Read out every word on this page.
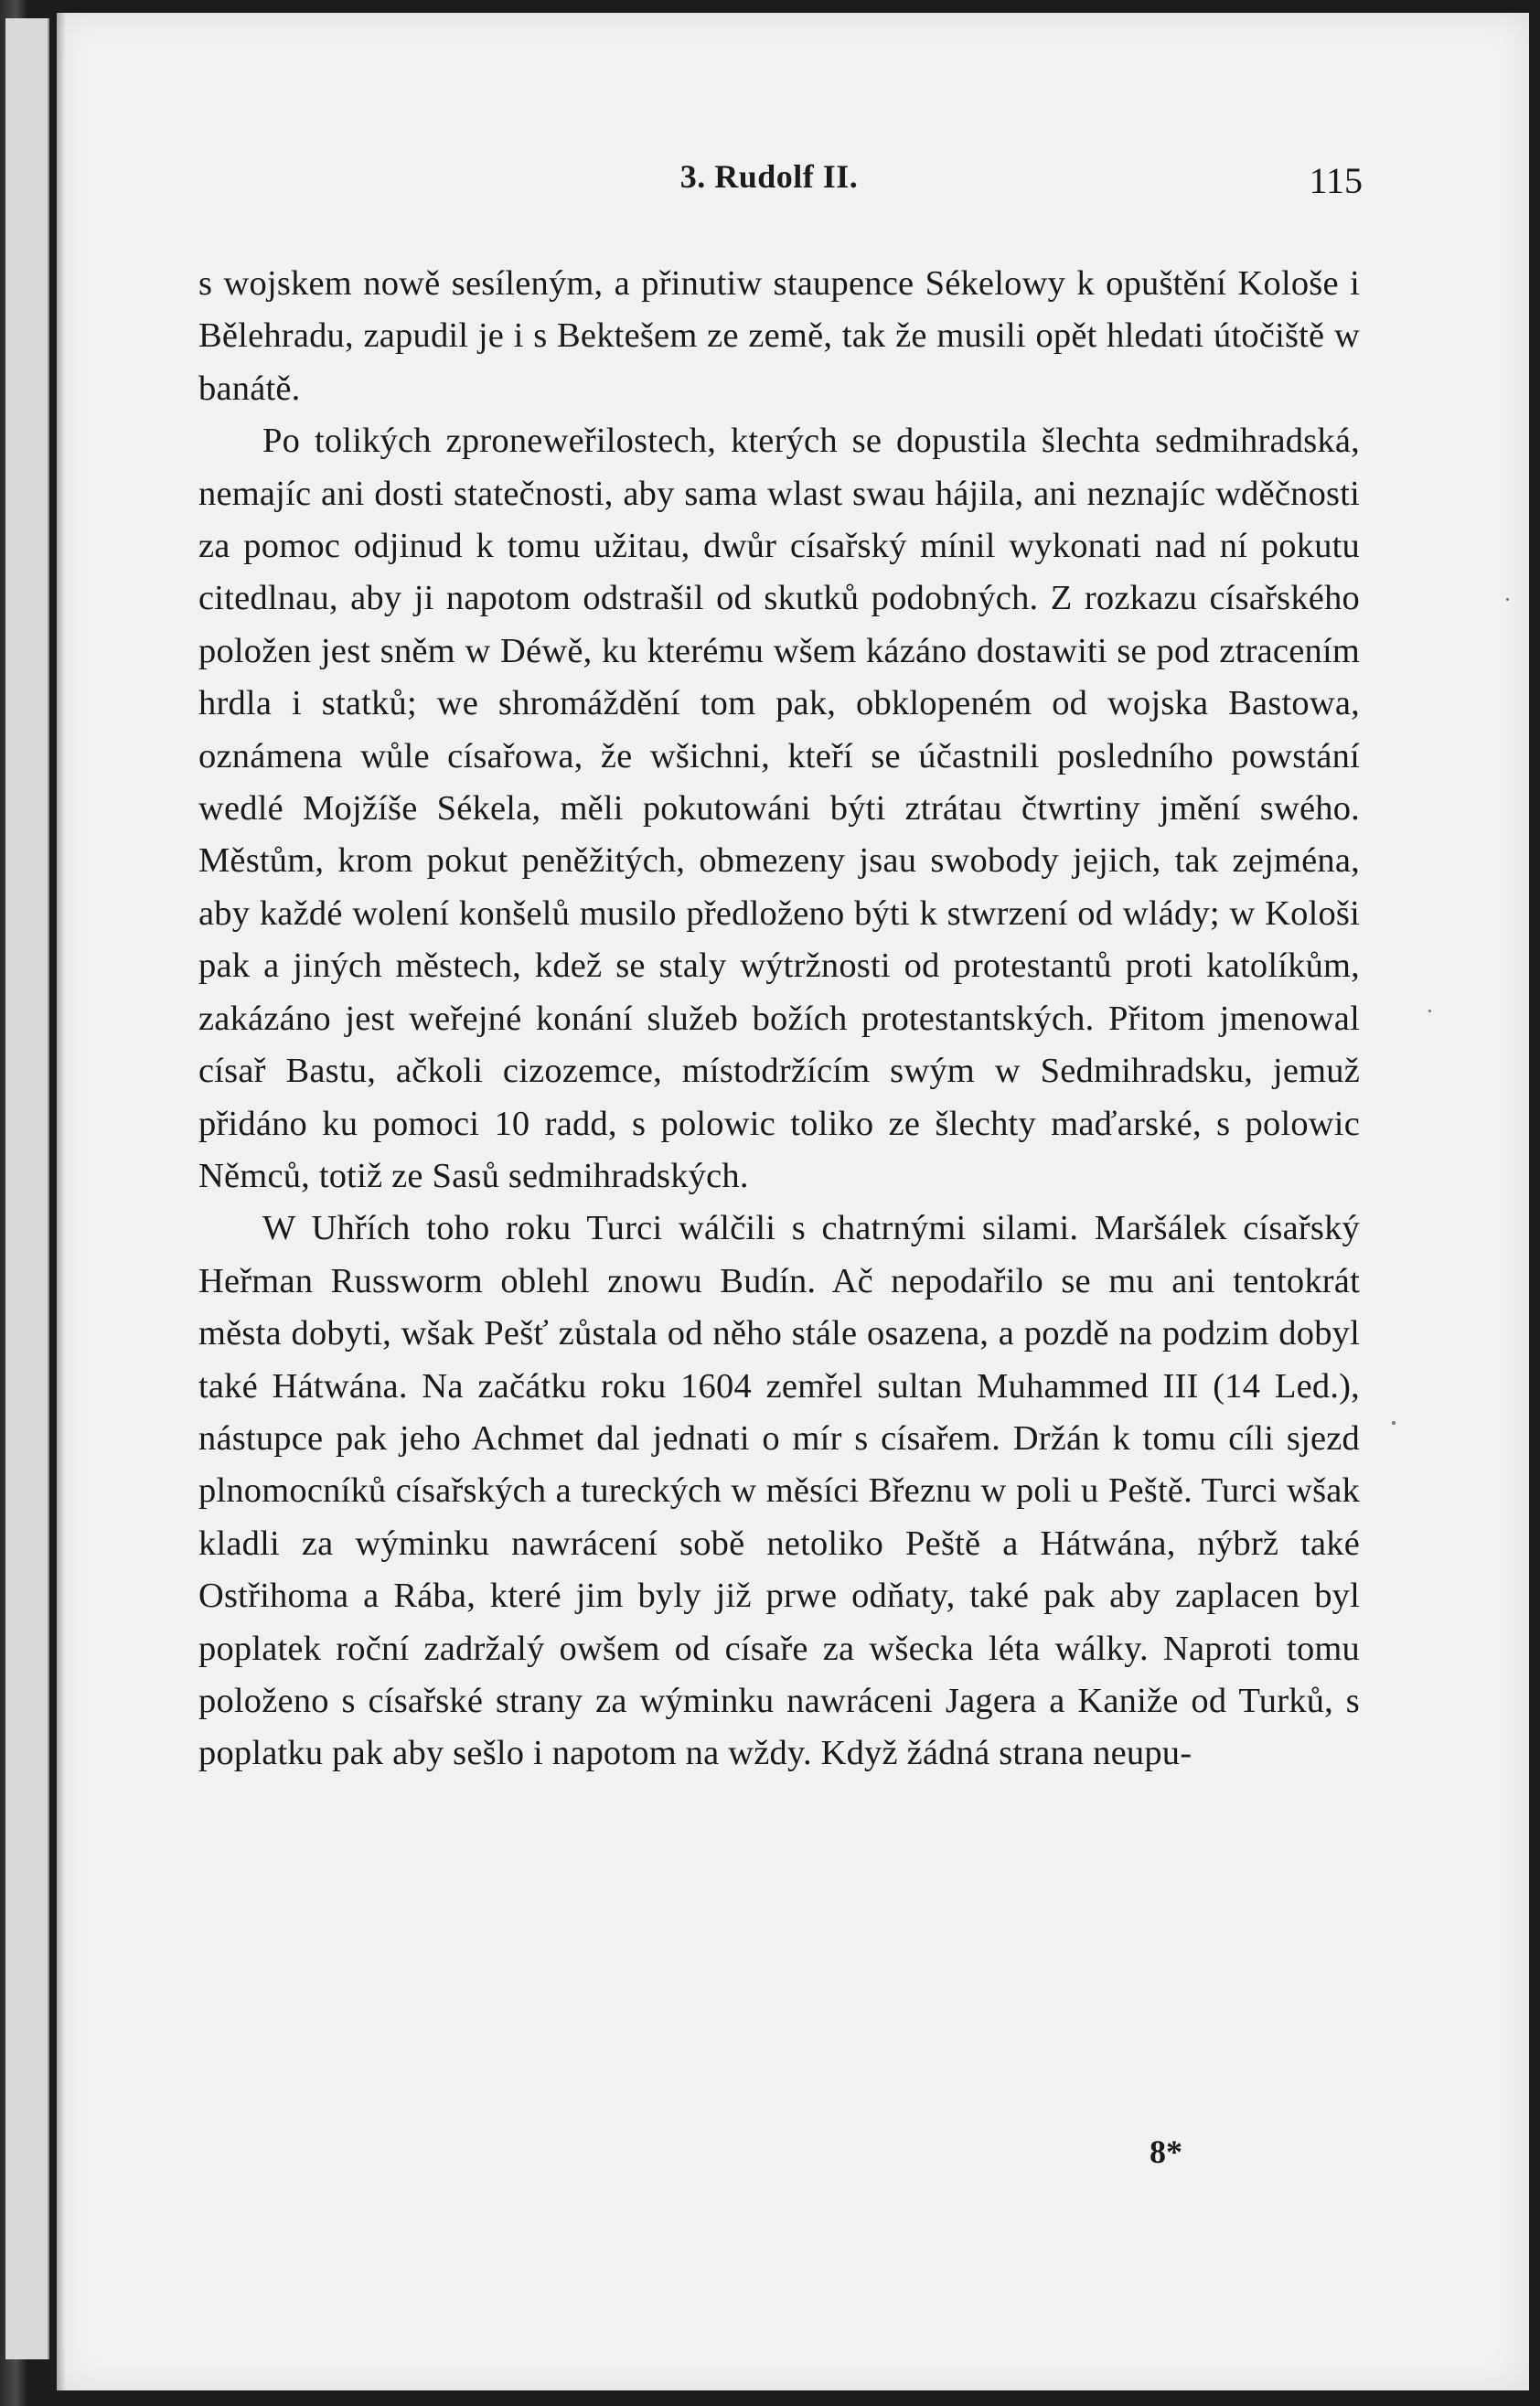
3. Rudolf II.	115

s wojskem nowě sesíleným, a přinutiw staupence Sékelowy k opuštění Kološe i Bělehradu, zapudil je i s Bektešem ze země, tak že musili opět hledati útočiště w banátě.

Po tolikých zproneweřilostech, kterých se dopustila šlechta sedmihradská, nemajíc ani dosti statečnosti, aby sama wlast swau hájila, ani neznajíc wděčnosti za pomoc odjinud k tomu užitau, dwůr císařský mínil wykonati nad ní pokutu citedlnau, aby ji napotom odstrašil od skutků podobných. Z rozkazu císařského položen jest sněm w Déwě, ku kterému wšem kázáno dostawiti se pod ztracením hrdla i statků; we shromáždění tom pak, obklopeném od wojska Bastowa, oznámena wůle císařowa, že wšichni, kteří se účastnili posledního powstání wedlé Mojžíše Sékela, měli pokutowáni býti ztrátau čtwrtiny jmění swého. Městům, krom pokut peněžitých, obmezeny jsau swobody jejich, tak zejména, aby každé wolení konšelů musilo předloženo býti k stwrzení od wlády; w Kološi pak a jiných městech, kdež se staly wýtržnosti od protestantů proti katolíkům, zakázáno jest weřejné konání služeb božích protestantských. Přitom jmenowal císař Bastu, ačkoli cizozemce, místodržícím swým w Sedmihradsku, jemuž přidáno ku pomoci 10 radd, s polowic toliko ze šlechty maďarské, s polowic Němců, totiž ze Sasů sedmihradských.

W Uhřích toho roku Turci wálčili s chatrnými silami. Maršálek císařský Heřman Russworm oblehl znowu Budín. Ač nepodařilo se mu ani tentokrát města dobyti, wšak Pešť zůstala od něho stále osazena, a pozdě na podzim dobyl také Hátwána. Na začátku roku 1604 zemřel sultan Muhammed III (14 Led.), nástupce pak jeho Achmet dal jednati o mír s císařem. Držán k tomu cíli sjezd plnomocníků císařských a tureckých w měsíci Březnu w poli u Peště. Turci wšak kladli za wýminku nawrácení sobě netoliko Peště a Hátwána, nýbrž také Ostřihoma a Rába, které jim byly již prwe odňaty, také pak aby zaplacen byl poplatek roční zadržalý owšem od císaře za wšecka léta wálky. Naproti tomu položeno s císařské strany za wýminku nawráceni Jagera a Kaniže od Turků, s poplatku pak aby sešlo i napotom na wždy. Když žádná strana neupu-

8*
